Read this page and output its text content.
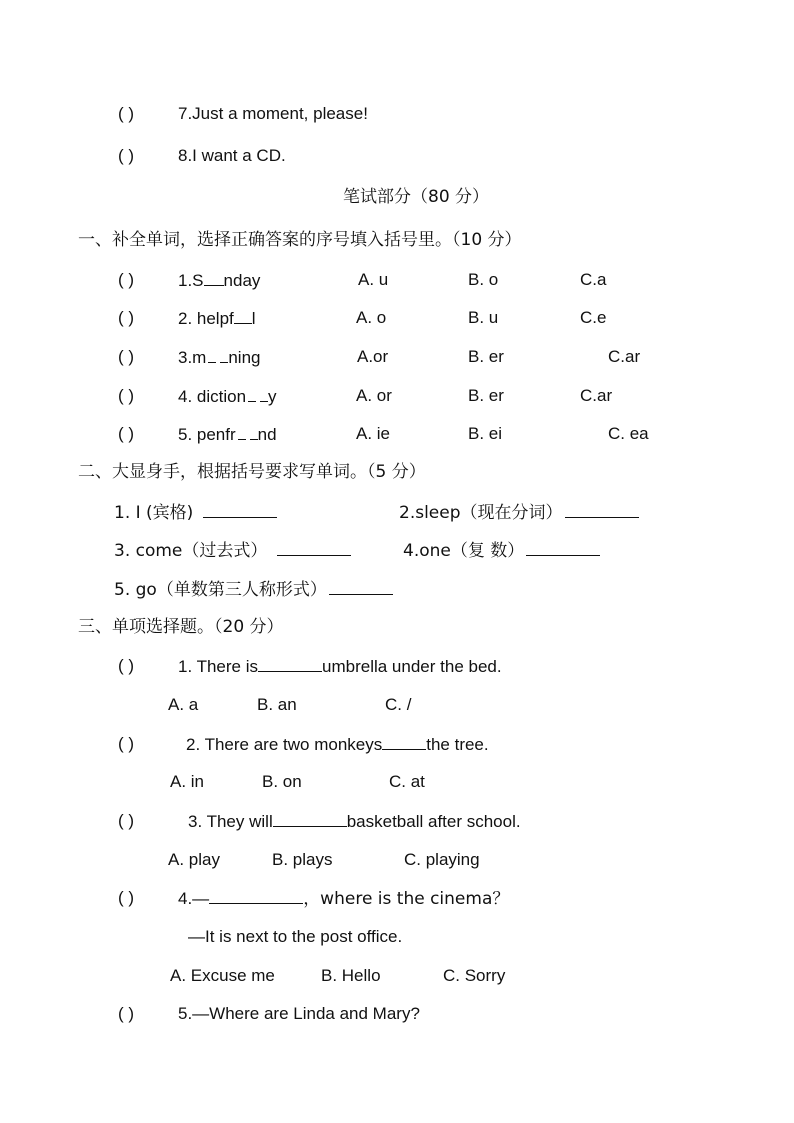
( )	7.Just a moment, please!
( )	8.I want a CD.
笔试部分（80 分）
一、补全单词，选择正确答案的序号填入括号里。（10 分）
( )	1.S nday	A. u	B. o	C.a
( )	2. helpf l	A. o	B. u	C.e
( )	3.m ning	A.or	B. er	C.ar
( )	4. diction y	A. or	B. er	C.ar
( )	5. penfr nd	A. ie	B. ei	C. ea
二、大显身手，根据括号要求写单词。（5 分）
1. I (宾格)	2.sleep（现在分词）
3. come（过去式）	4.one（复 数）
5. go（单数第三人称形式）
三、单项选择题。（20 分）
( )	1. There is	umbrella under the bed.
A. a	B. an	C. /
( )	2. There are two monkeys	the tree.
A. in	B. on	C. at
( )	3. They will	basketball after school.
A. play	B. plays	C. playing
( )	4.—	，where is the cinema？
—It is next to the post office.
A. Excuse me	B. Hello	C. Sorry
( )	5.—Where are Linda and Mary?
